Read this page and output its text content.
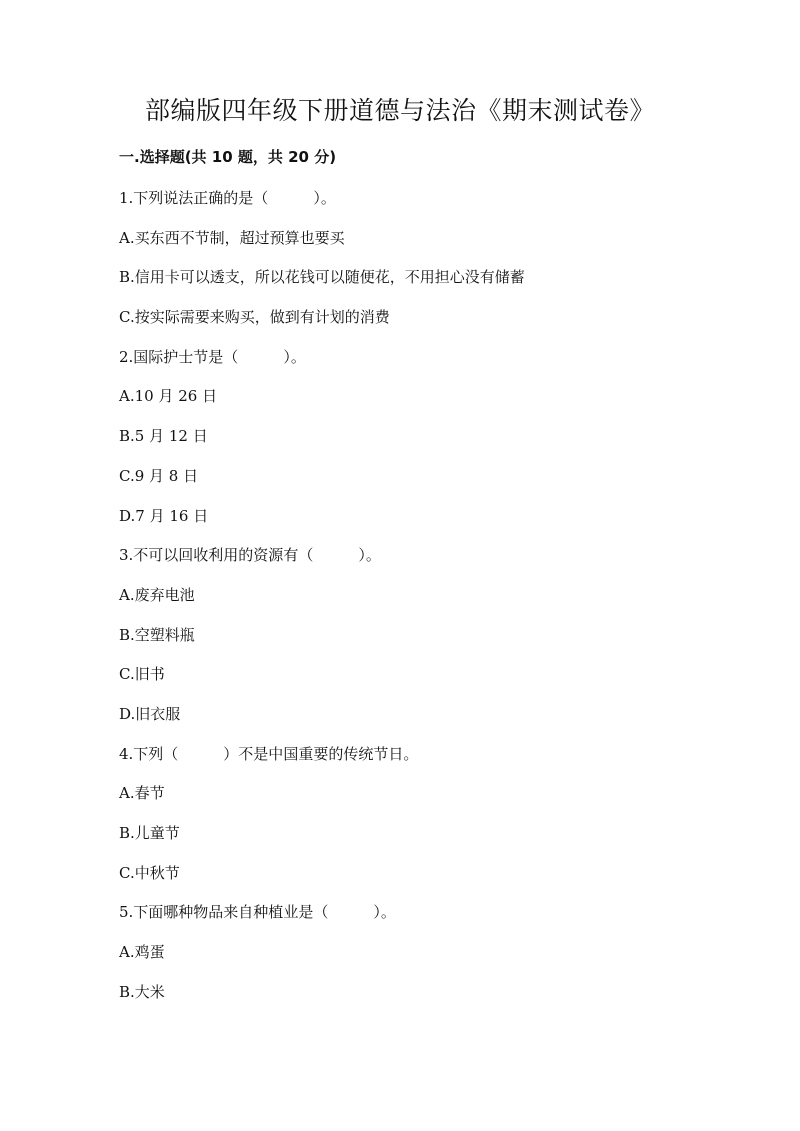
部编版四年级下册道德与法治《期末测试卷》
一.选择题(共 10 题，共 20 分)
1.下列说法正确的是（　　　）。
A.买东西不节制，超过预算也要买
B.信用卡可以透支，所以花钱可以随便花，不用担心没有储蓄
C.按实际需要来购买，做到有计划的消费
2.国际护士节是（　　　）。
A.10 月 26 日
B.5 月 12 日
C.9 月 8 日
D.7 月 16 日
3.不可以回收利用的资源有（　　　）。
A.废弃电池
B.空塑料瓶
C.旧书
D.旧衣服
4.下列（　　　）不是中国重要的传统节日。
A.春节
B.儿童节
C.中秋节
5.下面哪种物品来自种植业是（　　　）。
A.鸡蛋
B.大米
